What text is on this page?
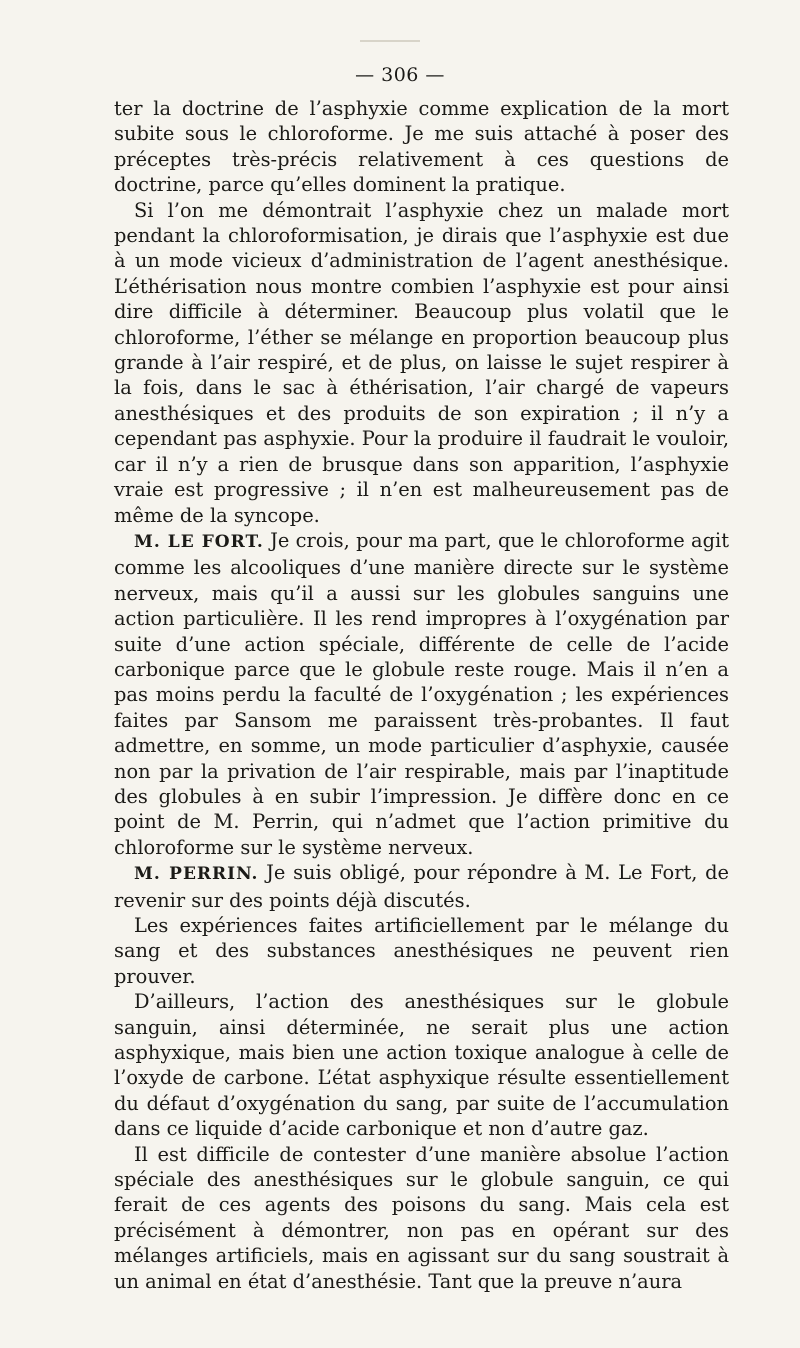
— 306 —

ter la doctrine de l’asphyxie comme explication de la mort subite sous le chloroforme. Je me suis attaché à poser des préceptes très-précis relativement à ces questions de doctrine, parce qu’elles dominent la pratique.

Si l’on me démontrait l’asphyxie chez un malade mort pendant la chloroformisation, je dirais que l’asphyxie est due à un mode vicieux d’administration de l’agent anesthésique. L’éthérisation nous montre combien l’asphyxie est pour ainsi dire difficile à déterminer. Beaucoup plus volatil que le chloroforme, l’éther se mélange en proportion beaucoup plus grande à l’air respiré, et de plus, on laisse le sujet respirer à la fois, dans le sac à éthérisation, l’air chargé de vapeurs anesthésiques et des produits de son expiration ; il n’y a cependant pas asphyxie. Pour la produire il faudrait le vouloir, car il n’y a rien de brusque dans son apparition, l’asphyxie vraie est progressive ; il n’en est malheureusement pas de même de la syncope.

M. LE FORT. Je crois, pour ma part, que le chloroforme agit comme les alcooliques d’une manière directe sur le système nerveux, mais qu’il a aussi sur les globules sanguins une action particulière. Il les rend impropres à l’oxygénation par suite d’une action spéciale, différente de celle de l’acide carbonique parce que le globule reste rouge. Mais il n’en a pas moins perdu la faculté de l’oxygénation ; les expériences faites par Sansom me paraissent très-probantes. Il faut admettre, en somme, un mode particulier d’asphyxie, causée non par la privation de l’air respirable, mais par l’inaptitude des globules à en subir l’impression. Je diffère donc en ce point de M. Perrin, qui n’admet que l’action primitive du chloroforme sur le système nerveux.

M. PERRIN. Je suis obligé, pour répondre à M. Le Fort, de revenir sur des points déjà discutés.

Les expériences faites artificiellement par le mélange du sang et des substances anesthésiques ne peuvent rien prouver.

D’ailleurs, l’action des anesthésiques sur le globule sanguin, ainsi déterminée, ne serait plus une action asphyxique, mais bien une action toxique analogue à celle de l’oxyde de carbone. L’état asphyxique résulte essentiellement du défaut d’oxygénation du sang, par suite de l’accumulation dans ce liquide d’acide carbonique et non d’autre gaz.

Il est difficile de contester d’une manière absolue l’action spéciale des anesthésiques sur le globule sanguin, ce qui ferait de ces agents des poisons du sang. Mais cela est précisément à démontrer, non pas en opérant sur des mélanges artificiels, mais en agissant sur du sang soustrait à un animal en état d’anesthésie. Tant que la preuve n’aura
